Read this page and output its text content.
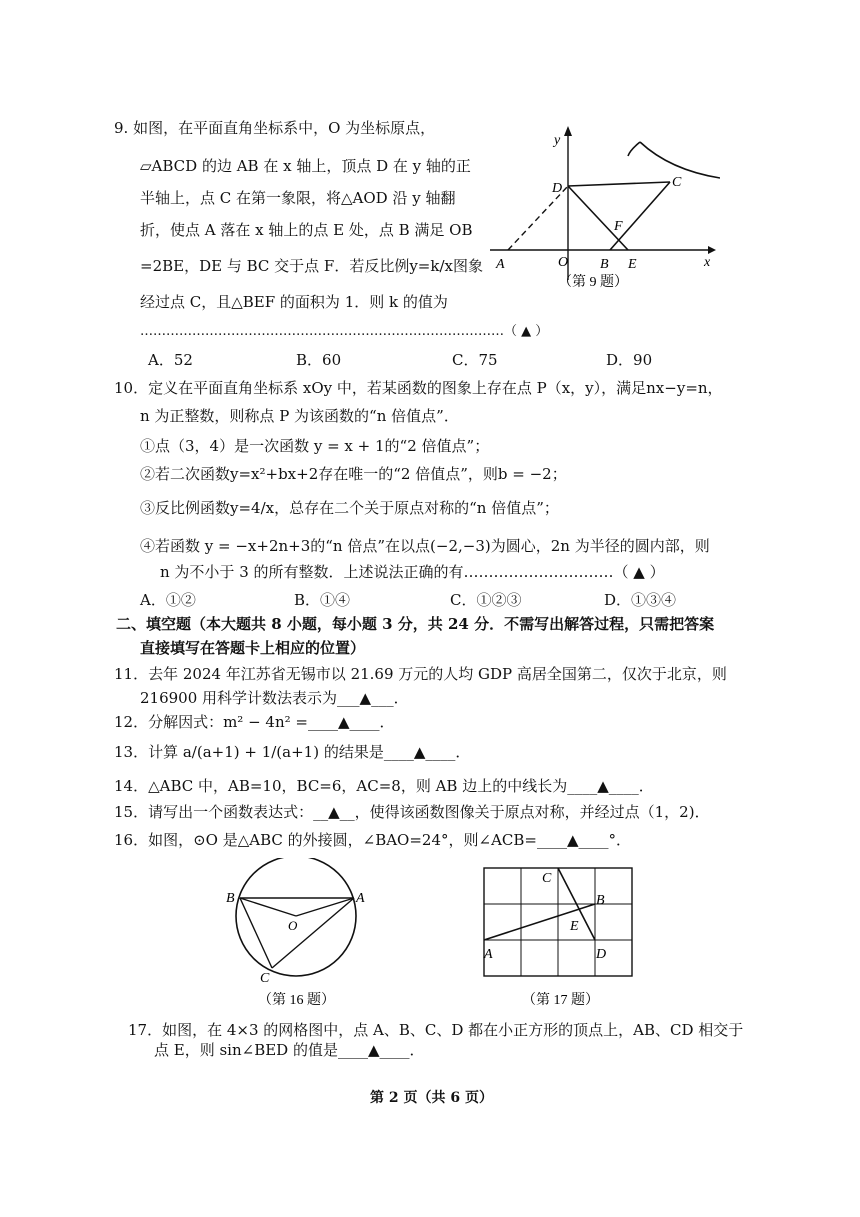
9. 如图，在平面直角坐标系中，O 为坐标原点，
▱ABCD 的边 AB 在 x 轴上，顶点 D 在 y 轴的正
半轴上，点 C 在第一象限，将△AOD 沿 y 轴翻
折，使点 A 落在 x 轴上的点 E 处，点 B 满足 OB
=2BE，DE 与 BC 交于点 F．若反比例y=k/x图象
经过点 C，且△BEF 的面积为 1．则 k 的值为
…………………………………………………………………………（ ▲ ）
A．52	B．60	C．75	D．90
y
x
O
A	B E
D	C
F
（第 9 题）
10．定义在平面直角坐标系 xOy 中，若某函数的图象上存在点 P（x，y），满足nx−y=n，
n 为正整数，则称点 P 为该函数的“n 倍值点”．
①点（3，4）是一次函数 y = x + 1的“2 倍值点”；
②若二次函数y=x²+bx+2存在唯一的“2 倍值点”，则b = −2；
③反比例函数y=4/x，总存在二个关于原点对称的“n 倍值点”；
④若函数 y = −x+2n+3的“n 倍点”在以点(−2,−3)为圆心，2n 为半径的圆内部，则
n 为不小于 3 的所有整数．上述说法正确的有…………………………（ ▲ ）
A．①②	B．①④	C．①②③	D．①③④
二、填空题（本大题共 8 小题，每小题 3 分，共 24 分．不需写出解答过程，只需把答案
直接填写在答题卡上相应的位置）
11．去年 2024 年江苏省无锡市以 21.69 万元的人均 GDP 高居全国第二，仅次于北京，则
216900 用科学计数法表示为___▲___．
12．分解因式：m² − 4n² =____▲____．
13．计算 a/(a+1) + 1/(a+1) 的结果是____▲____．
14．△ABC 中，AB=10，BC=6，AC=8，则 AB 边上的中线长为____▲____．
15．请写出一个函数表达式：__▲__，使得该函数图像关于原点对称，并经过点（1，2)．
16．如图，⊙O 是△ABC 的外接圆，∠BAO=24°，则∠ACB=____▲____°．
B	A
O
C
（第 16 题）
C
B
E
A	D
（第 17 题）
17．如图，在 4×3 的网格图中，点 A、B、C、D 都在小正方形的顶点上，AB、CD 相交于
点 E，则 sin∠BED 的值是____▲____．
第 2 页（共 6 页）
